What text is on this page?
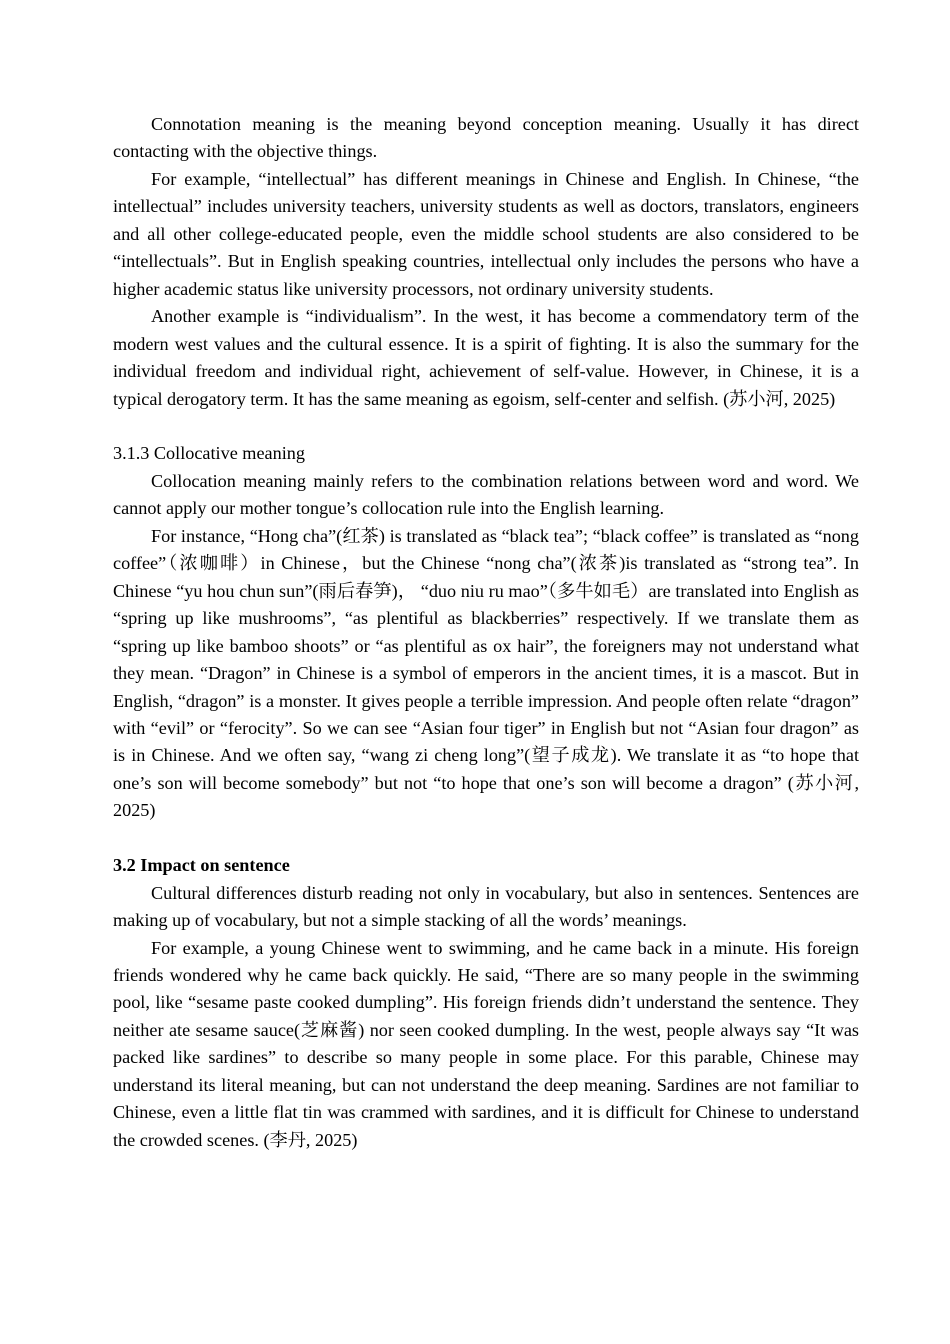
Connotation meaning is the meaning beyond conception meaning. Usually it has direct contacting with the objective things.

For example, “intellectual” has different meanings in Chinese and English. In Chinese, “the intellectual” includes university teachers, university students as well as doctors, translators, engineers and all other college-educated people, even the middle school students are also considered to be “intellectuals”. But in English speaking countries, intellectual only includes the persons who have a higher academic status like university processors, not ordinary university students.

Another example is “individualism”. In the west, it has become a commendatory term of the modern west values and the cultural essence. It is a spirit of fighting. It is also the summary for the individual freedom and individual right, achievement of self-value. However, in Chinese, it is a typical derogatory term. It has the same meaning as egoism, self-center and selfish. (苏小河, 2025)

3.1.3 Collocative meaning

Collocation meaning mainly refers to the combination relations between word and word. We cannot apply our mother tongue’s collocation rule into the English learning.

For instance, “Hong cha”(红茶) is translated as “black tea”; “black coffee” is translated as “nong coffee”（浓咖啡）in Chinese，but the Chinese “nong cha”(浓茶)is translated as “strong tea”. In Chinese “yu hou chun sun”(雨后春笋)， “duo niu ru mao”（多牛如毛）are translated into English as “spring up like mushrooms”, “as plentiful as blackberries” respectively. If we translate them as “spring up like bamboo shoots” or “as plentiful as ox hair”, the foreigners may not understand what they mean. “Dragon” in Chinese is a symbol of emperors in the ancient times, it is a mascot. But in English, “dragon” is a monster. It gives people a terrible impression. And people often relate “dragon” with “evil” or “ferocity”. So we can see “Asian four tiger” in English but not “Asian four dragon” as is in Chinese. And we often say, “wang zi cheng long”(望子成龙). We translate it as “to hope that one’s son will become somebody” but not “to hope that one’s son will become a dragon” (苏小河, 2025)

3.2 Impact on sentence

Cultural differences disturb reading not only in vocabulary, but also in sentences. Sentences are making up of vocabulary, but not a simple stacking of all the words’ meanings.

For example, a young Chinese went to swimming, and he came back in a minute. His foreign friends wondered why he came back quickly. He said, “There are so many people in the swimming pool, like “sesame paste cooked dumpling”. His foreign friends didn’t understand the sentence. They neither ate sesame sauce(芝麻酱) nor seen cooked dumpling. In the west, people always say “It was packed like sardines” to describe so many people in some place. For this parable, Chinese may understand its literal meaning, but can not understand the deep meaning. Sardines are not familiar to Chinese, even a little flat tin was crammed with sardines, and it is difficult for Chinese to understand the crowded scenes. (李丹, 2025)
